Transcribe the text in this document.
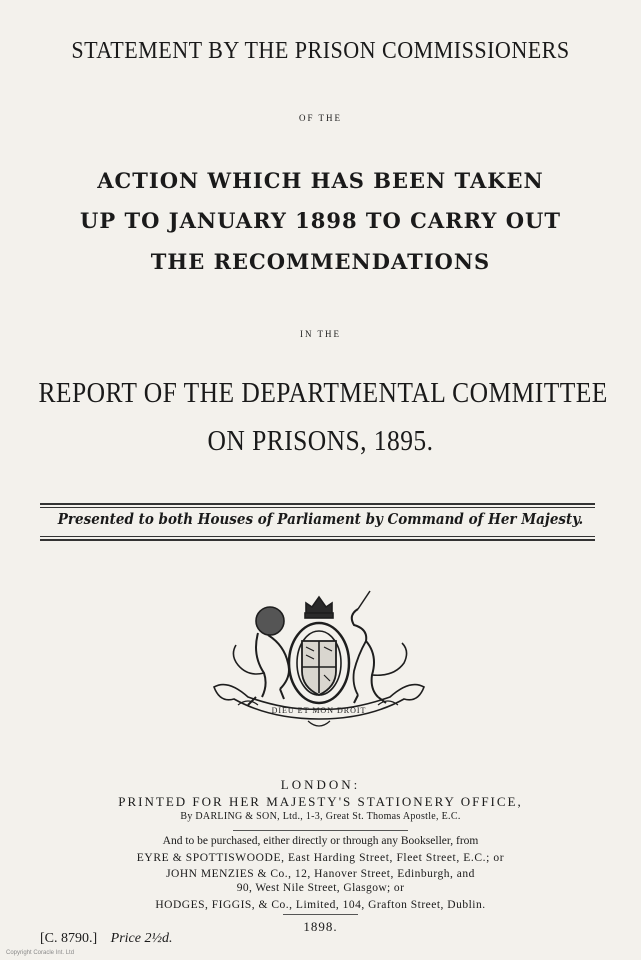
STATEMENT BY THE PRISON COMMISSIONERS
OF THE
ACTION WHICH HAS BEEN TAKEN
UP TO JANUARY 1898 TO CARRY OUT
THE RECOMMENDATIONS
IN THE
REPORT OF THE DEPARTMENTAL COMMITTEE
ON PRISONS, 1895.
Presented to both Houses of Parliament by Command of Her Majesty.
DIEU ET MON DROIT
LONDON:
PRINTED FOR HER MAJESTY'S STATIONERY OFFICE,
By DARLING & SON, Ltd., 1-3, Great St. Thomas Apostle, E.C.
And to be purchased, either directly or through any Bookseller, from
EYRE & SPOTTISWOODE, East Harding Street, Fleet Street, E.C.; or
JOHN MENZIES & Co., 12, Hanover Street, Edinburgh, and
90, West Nile Street, Glasgow; or
HODGES, FIGGIS, & Co., Limited, 104, Grafton Street, Dublin.
1898.
[C. 8790.] Price 2½d.
Copyright Coracle Int. Ltd
